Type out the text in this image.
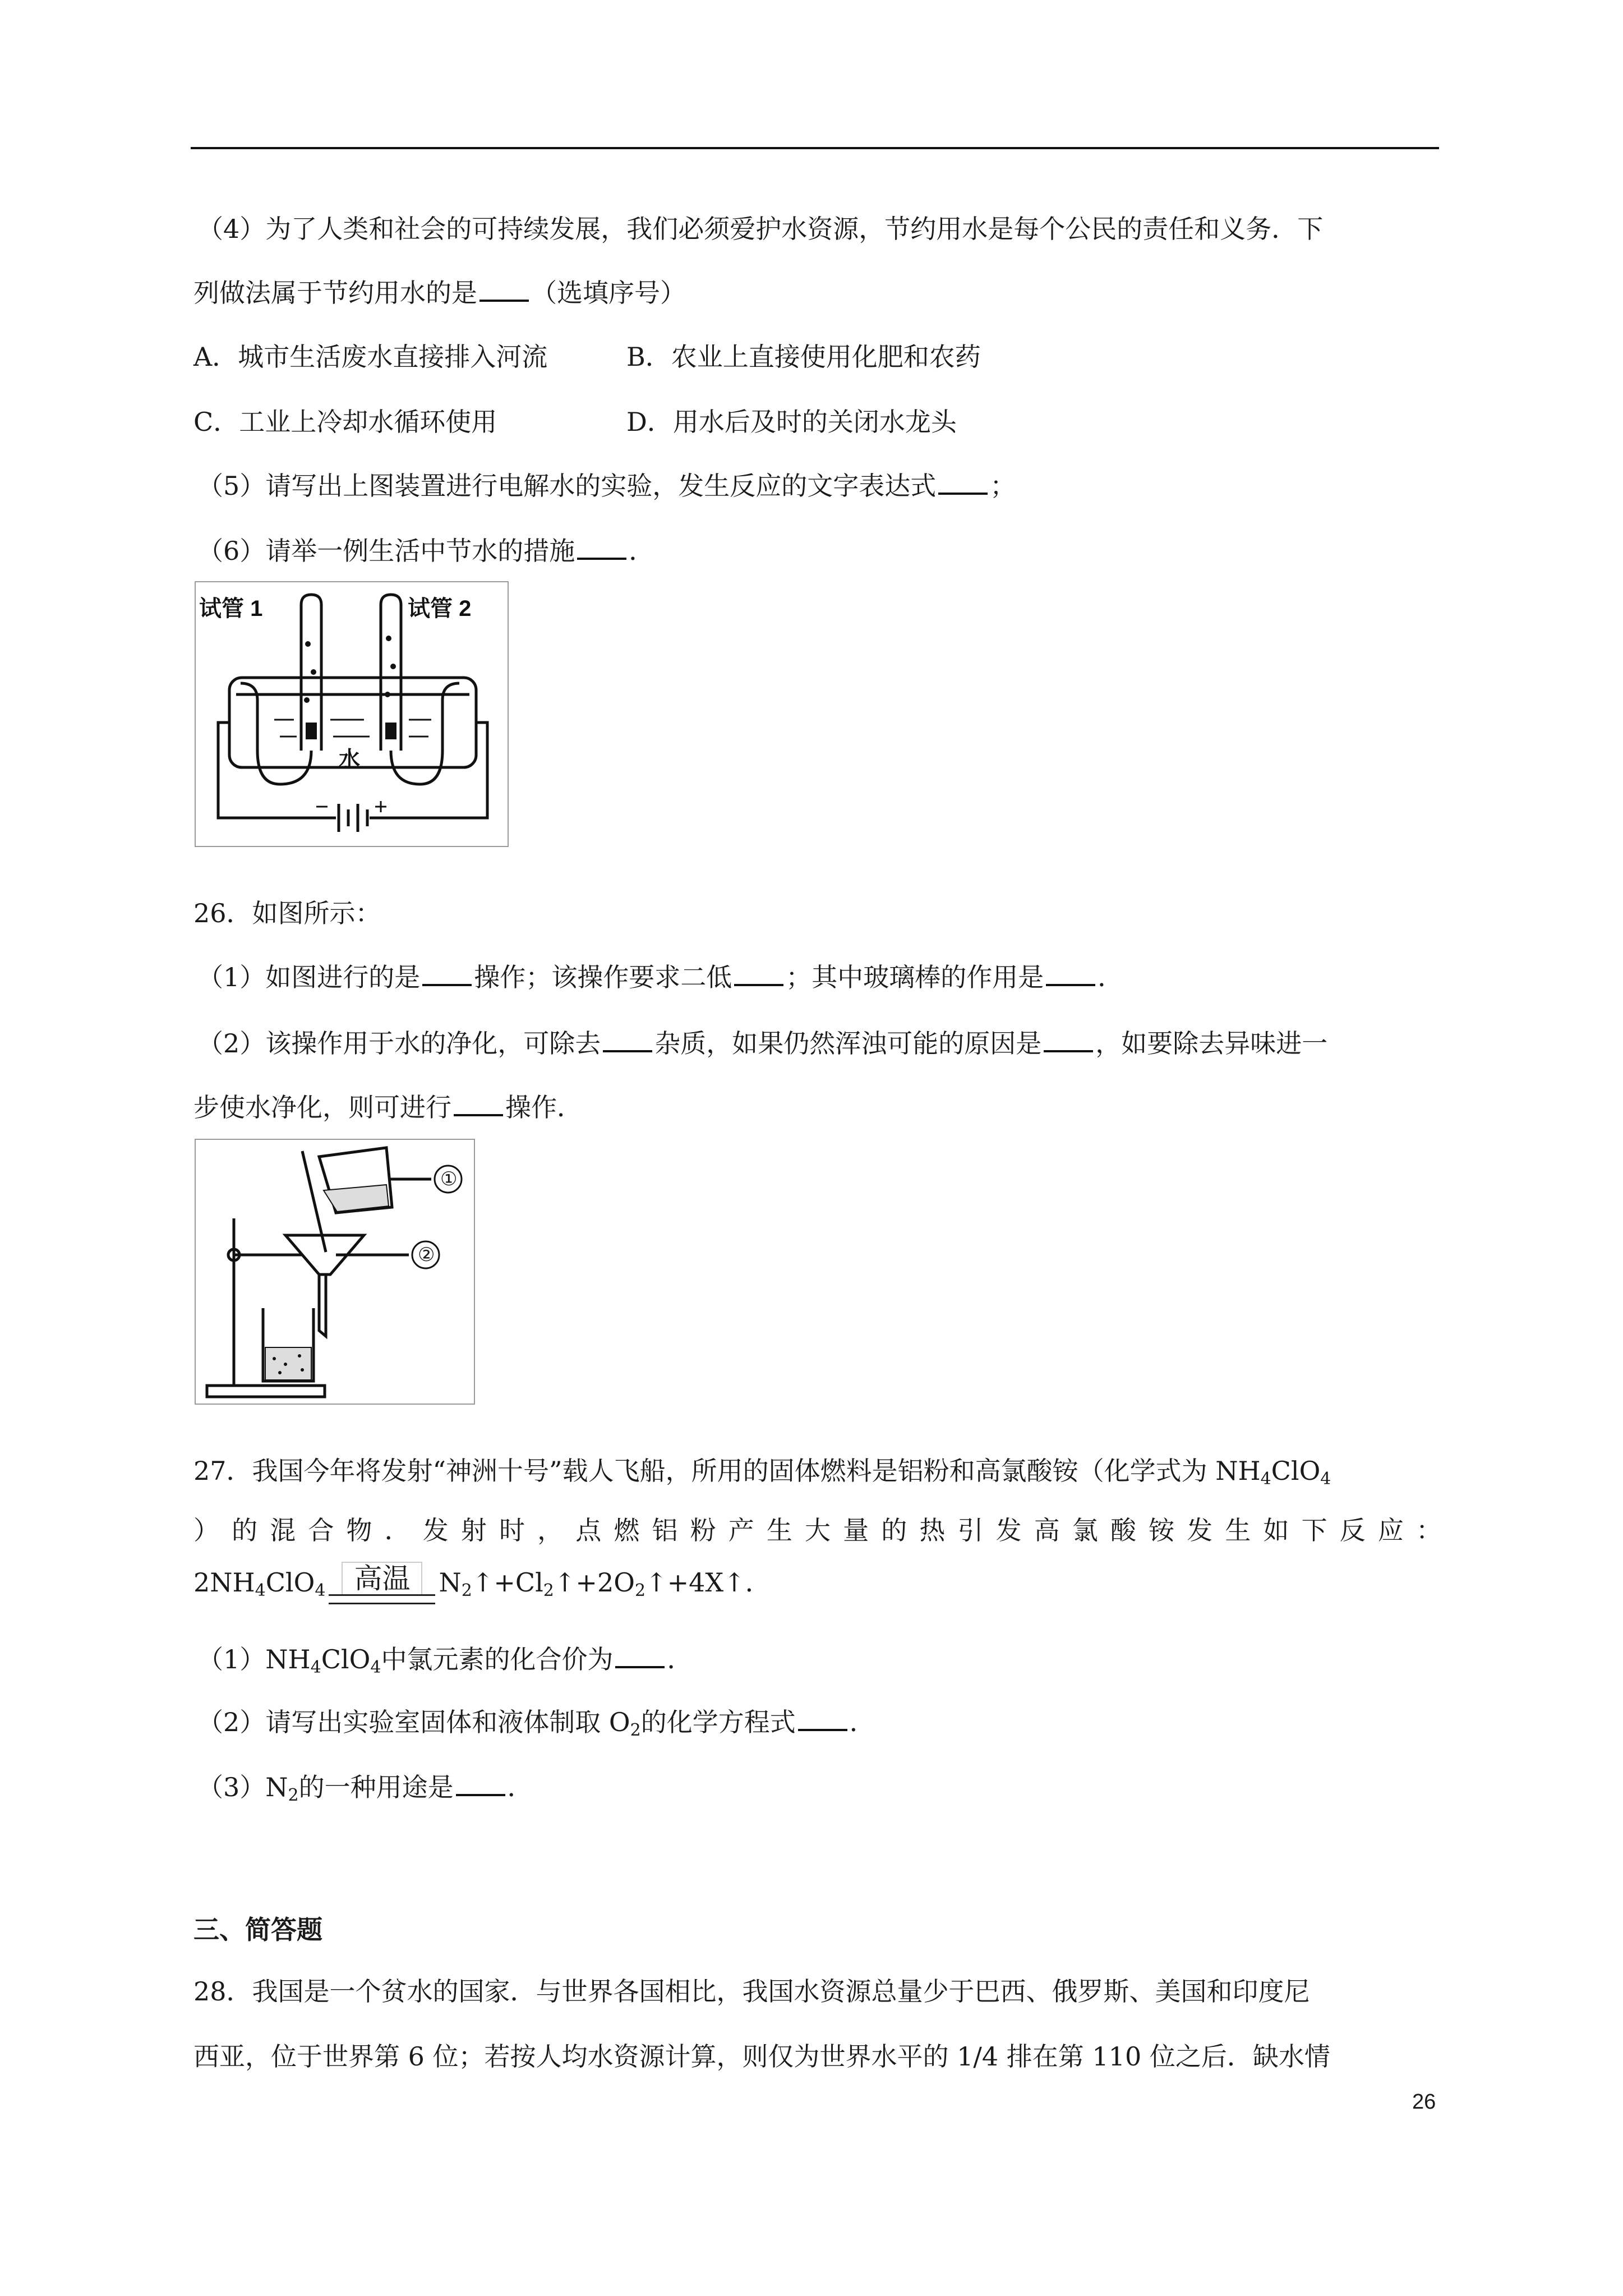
（4）为了人类和社会的可持续发展，我们必须爱护水资源，节约用水是每个公民的责任和义务．下
列做法属于节约用水的是 （选填序号）
A．城市生活废水直接排入河流	B．农业上直接使用化肥和农药
C．工业上冷却水循环使用	D．用水后及时的关闭水龙头
（5）请写出上图装置进行电解水的实验，发生反应的文字表达式 ；
（6）请举一例生活中节水的措施 ．
试管 1	试管 2
水
26．如图所示：
（1）如图进行的是 操作；该操作要求二低 ；其中玻璃棒的作用是 ．
（2）该操作用于水的净化，可除去 杂质，如果仍然浑浊可能的原因是 ，如要除去异味进一
步使水净化，则可进行 操作．
①
②
27．我国今年将发射“神洲十号”载人飞船，所用的固体燃料是铝粉和高氯酸铵（化学式为 $NH_4ClO_4$
） 的 混 合 物 ． 发 射 时 ， 点 燃 铝 粉 产 生 大 量 的 热 引 发 高 氯 酸 铵 发 生 如 下 反 应 ：
$2NH_4ClO_4$	高温	$N_2↑+Cl_2↑+2O_2↑+4X↑$．
$(1)NH_4ClO_4$中氯元素的化合价为 ．
（2）请写出实验室固体和液体制取 $O_2$的化学方程式 ．
$(3)N_2$的一种用途是 ．
三、简答题
28．我国是一个贫水的国家．与世界各国相比，我国水资源总量少于巴西、俄罗斯、美国和印度尼
西亚，位于世界第 6 位；若按人均水资源计算，则仅为世界水平的 1/4 排在第 110 位之后．缺水情
26
